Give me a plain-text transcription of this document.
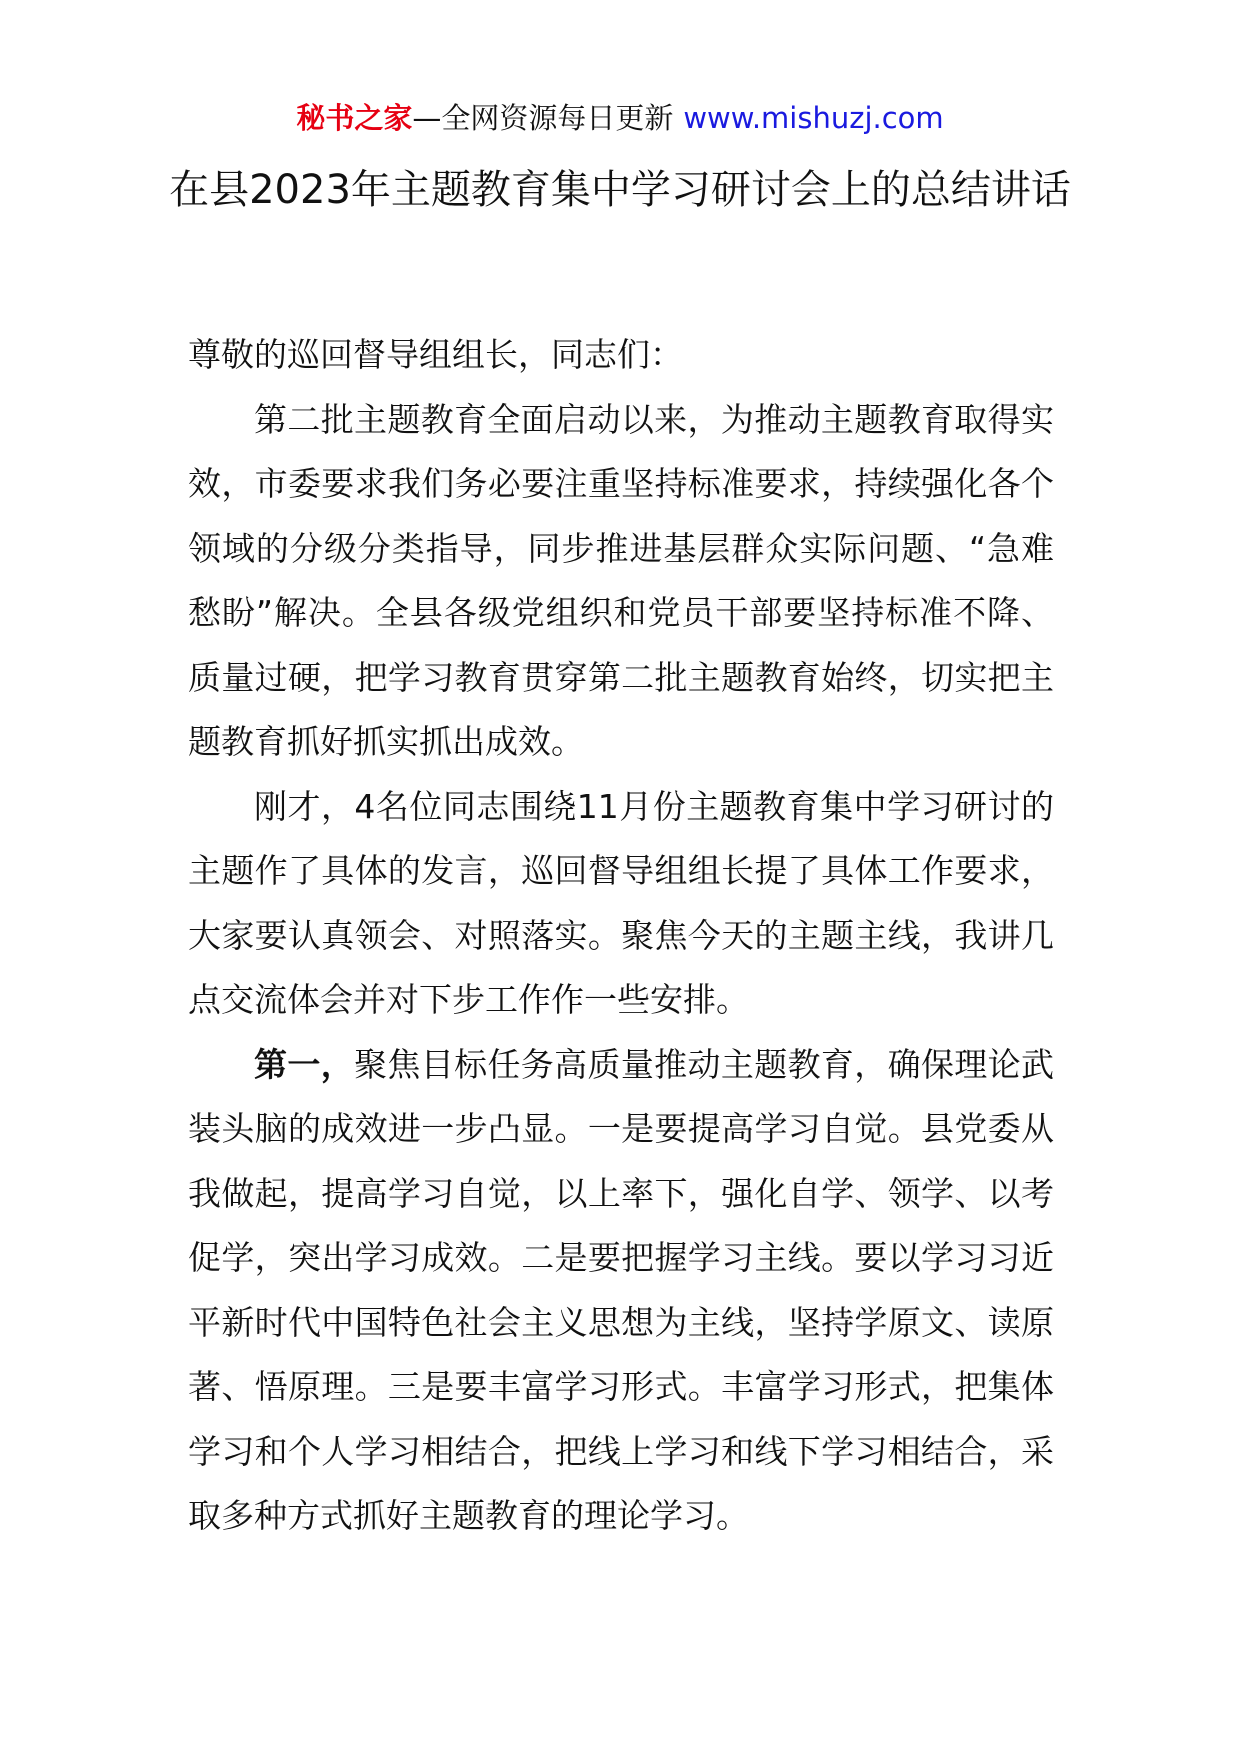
秘书之家—全网资源每日更新 www.mishuzj.com
在县2023年主题教育集中学习研讨会上的总结讲话

尊敬的巡回督导组组长，同志们：

第二批主题教育全面启动以来，为推动主题教育取得实效，市委要求我们务必要注重坚持标准要求，持续强化各个领域的分级分类指导，同步推进基层群众实际问题、“急难愁盼”解决。全县各级党组织和党员干部要坚持标准不降、质量过硬，把学习教育贯穿第二批主题教育始终，切实把主题教育抓好抓实抓出成效。

刚才，4名位同志围绕11月份主题教育集中学习研讨的主题作了具体的发言，巡回督导组组长提了具体工作要求，大家要认真领会、对照落实。聚焦今天的主题主线，我讲几点交流体会并对下步工作作一些安排。

第一，聚焦目标任务高质量推动主题教育，确保理论武装头脑的成效进一步凸显。一是要提高学习自觉。县党委从我做起，提高学习自觉，以上率下，强化自学、领学、以考促学，突出学习成效。二是要把握学习主线。要以学习习近平新时代中国特色社会主义思想为主线，坚持学原文、读原著、悟原理。三是要丰富学习形式。丰富学习形式，把集体学习和个人学习相结合，把线上学习和线下学习相结合，采取多种方式抓好主题教育的理论学习。
